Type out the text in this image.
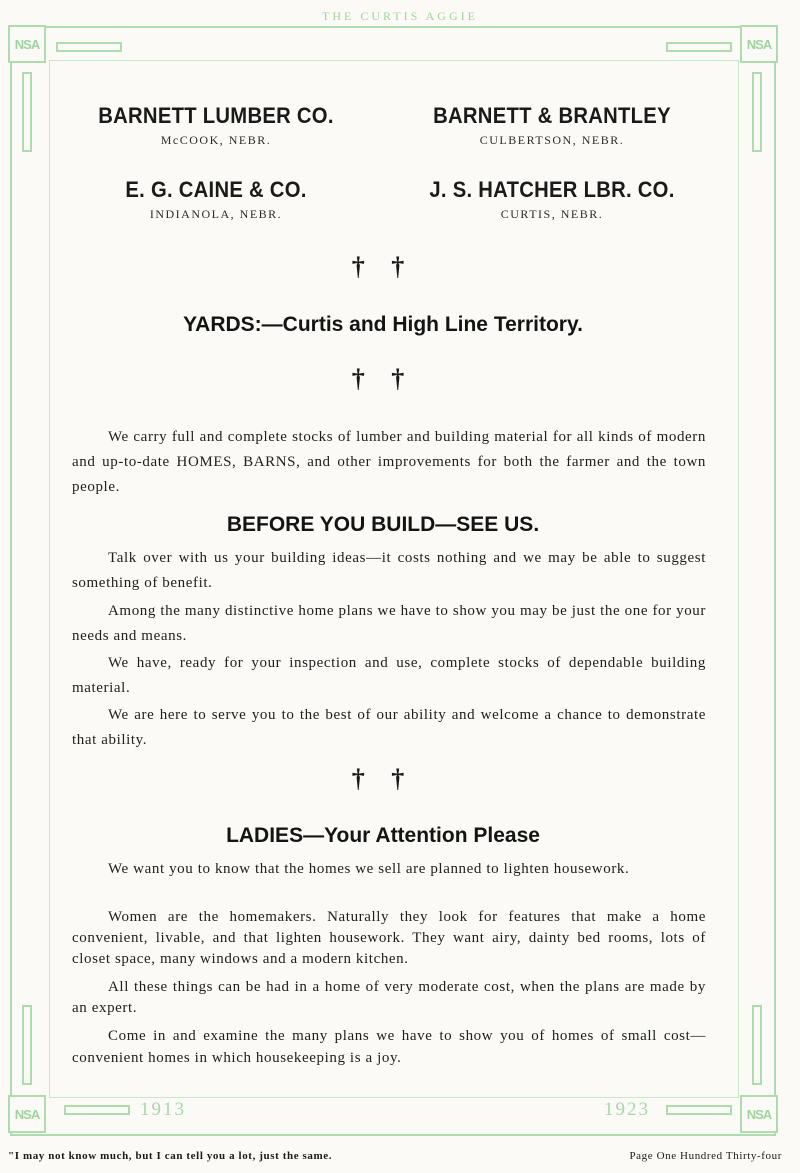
THE CURTIS AGGIE
NSA	NSA
NSA	NSA
1913	1923
BARNETT LUMBER CO.
McCOOK, NEBR.
BARNETT & BRANTLEY
CULBERTSON, NEBR.
E. G. CAINE & CO.
INDIANOLA, NEBR.
J. S. HATCHER LBR. CO.
CURTIS, NEBR.
† †
YARDS:—Curtis and High Line Territory.
† †

We carry full and complete stocks of lumber and building material for all kinds of modern and up-to-date HOMES, BARNS, and other improvements for both the farmer and the town people.

BEFORE YOU BUILD—SEE US.

Talk over with us your building ideas—it costs nothing and we may be able to suggest something of benefit.

Among the many distinctive home plans we have to show you may be just the one for your needs and means.

We have, ready for your inspection and use, complete stocks of dependable building material.

We are here to serve you to the best of our ability and welcome a chance to demonstrate that ability.

† †
LADIES—Your Attention Please

We want you to know that the homes we sell are planned to lighten housework.

Women are the homemakers. Naturally they look for features that make a home convenient, livable, and that lighten housework. They want airy, dainty bed rooms, lots of closet space, many windows and a modern kitchen.

All these things can be had in a home of very moderate cost, when the plans are made by an expert.

Come in and examine the many plans we have to show you of homes of small cost—convenient homes in which housekeeping is a joy.

"I may not know much, but I can tell you a lot, just the same.	Page One Hundred Thirty-four
